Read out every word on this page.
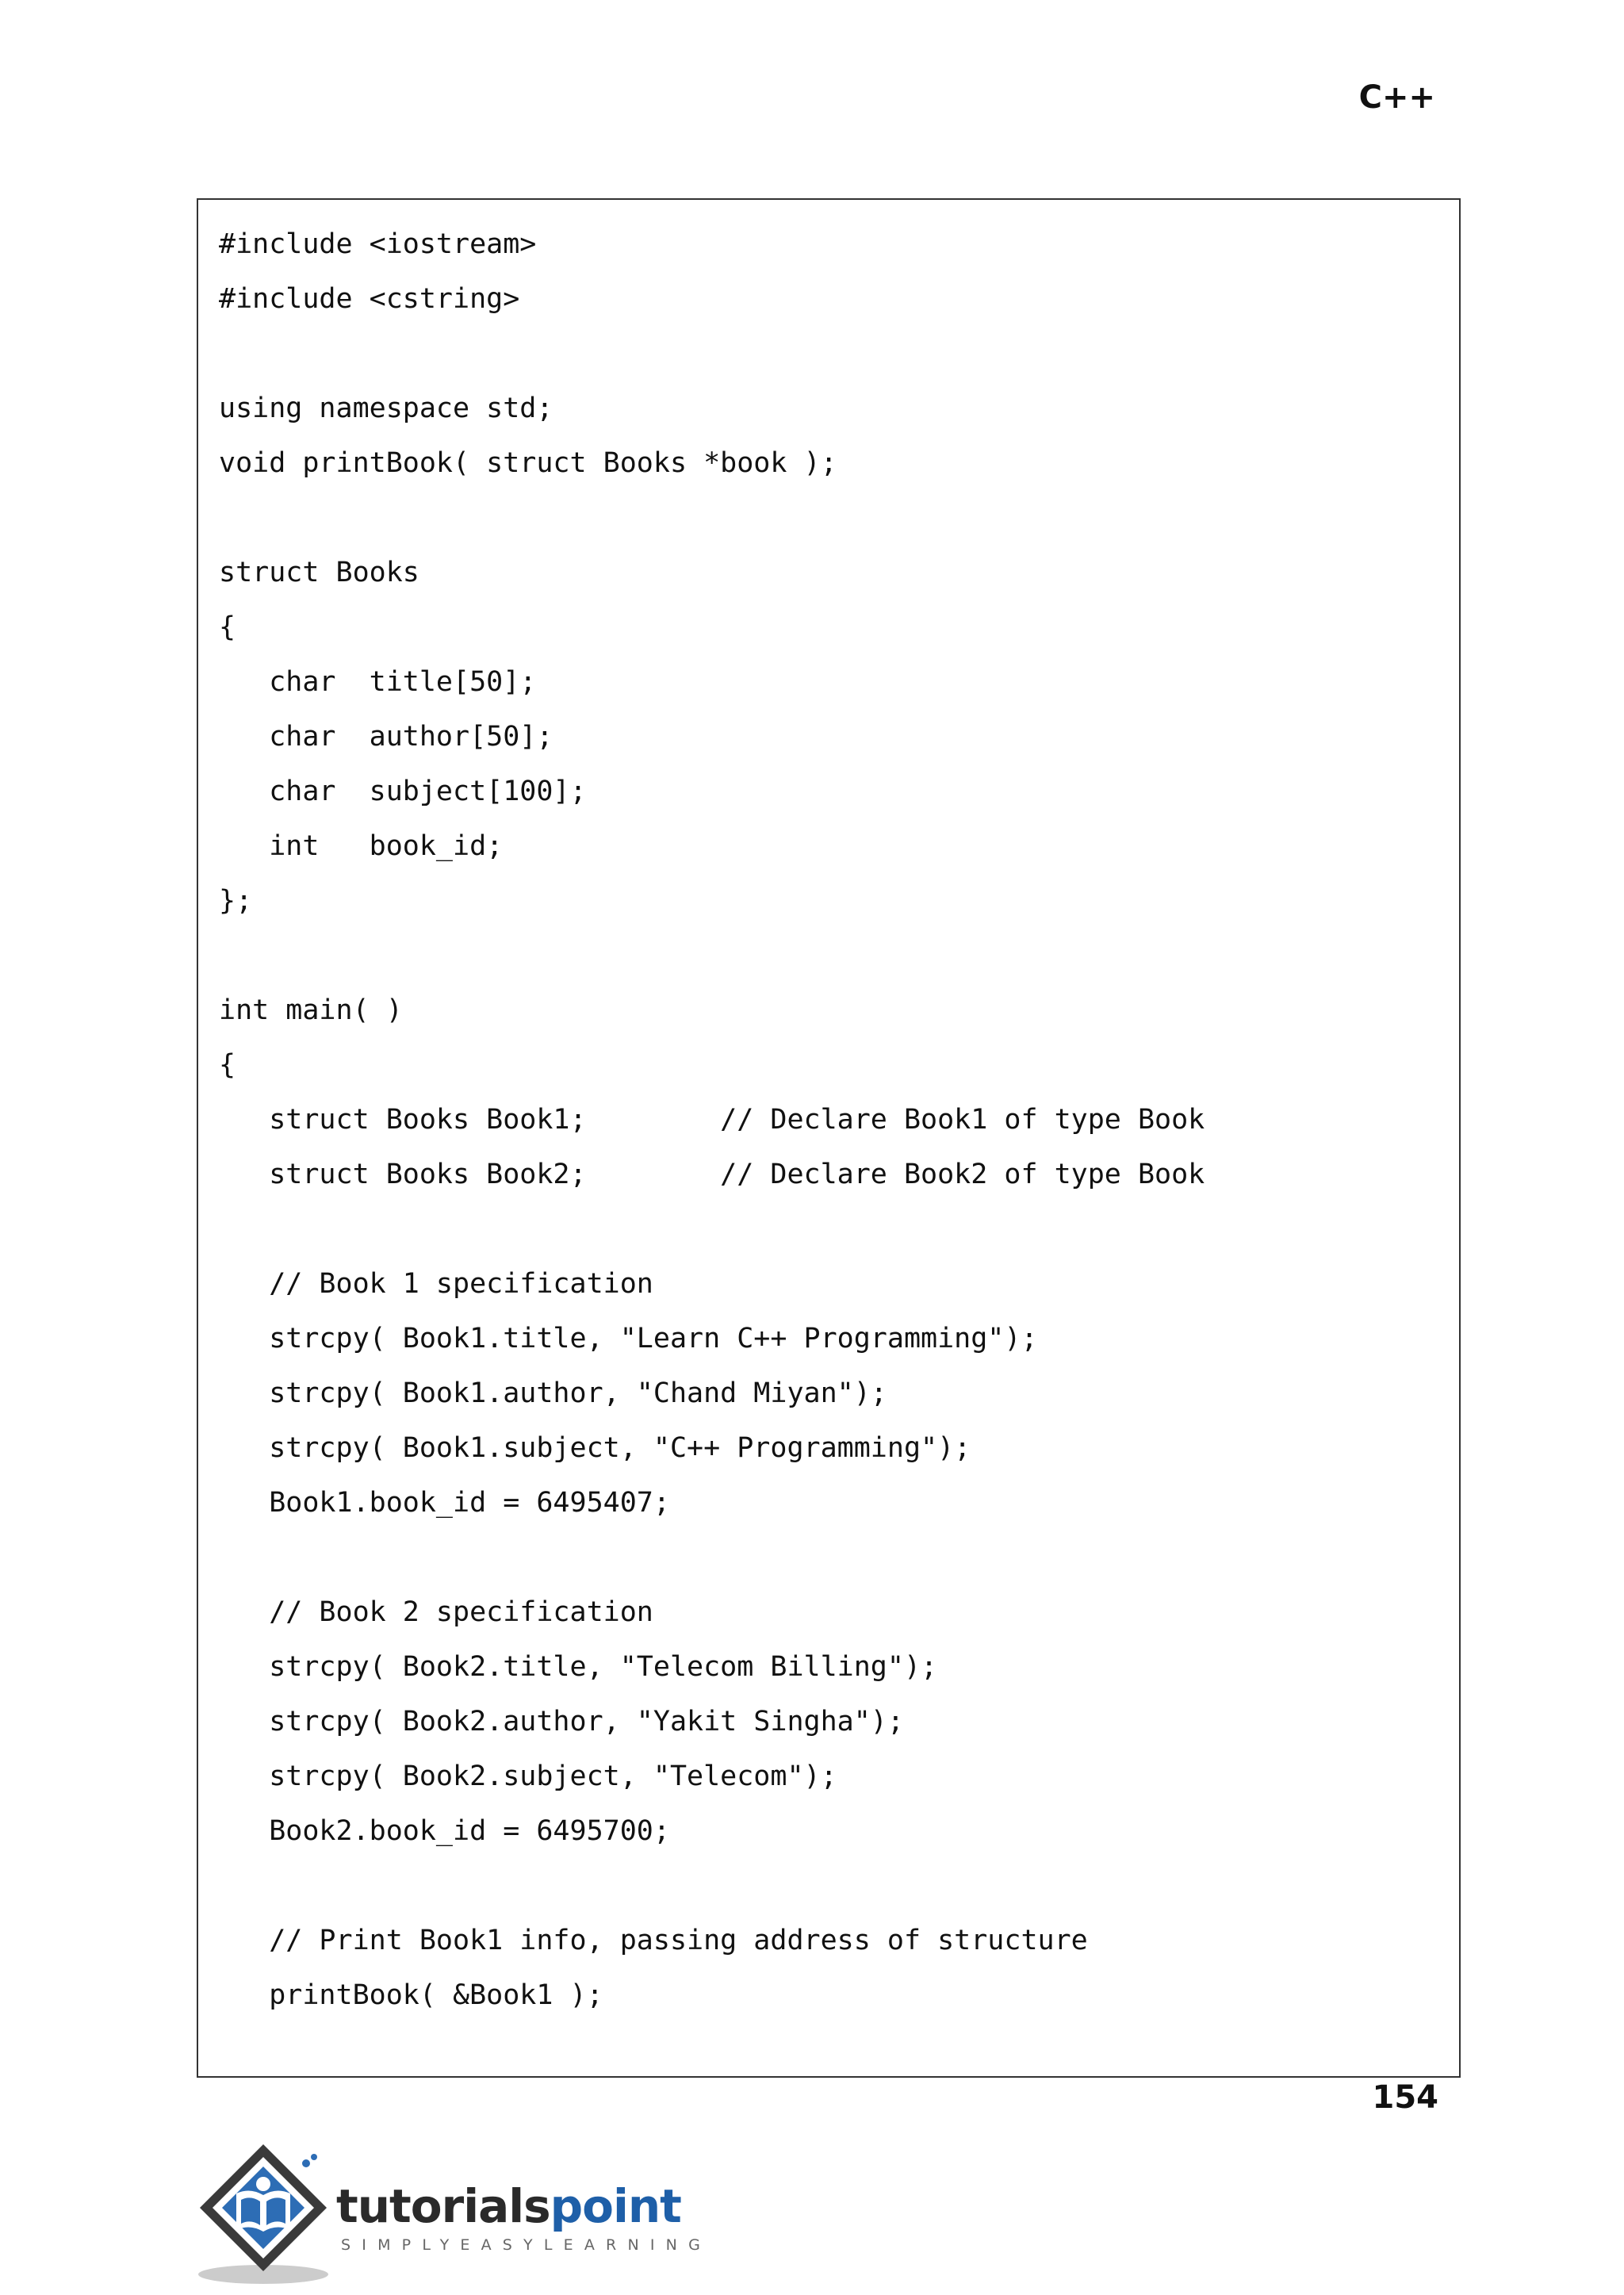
C++
#include <iostream>
#include <cstring>
using namespace std;
void printBook( struct Books *book );
struct Books
{
char  title[50];
char  author[50];
char  subject[100];
int   book_id;
};
int main( )
{
struct Books Book1;        // Declare Book1 of type Book
struct Books Book2;        // Declare Book2 of type Book
// Book 1 specification
strcpy( Book1.title, "Learn C++ Programming");
strcpy( Book1.author, "Chand Miyan");
strcpy( Book1.subject, "C++ Programming");
Book1.book_id = 6495407;
// Book 2 specification
strcpy( Book2.title, "Telecom Billing");
strcpy( Book2.author, "Yakit Singha");
strcpy( Book2.subject, "Telecom");
Book2.book_id = 6495700;
// Print Book1 info, passing address of structure
printBook( &Book1 );
154
tutorialspoint
SIMPLYEASYLEARNING
